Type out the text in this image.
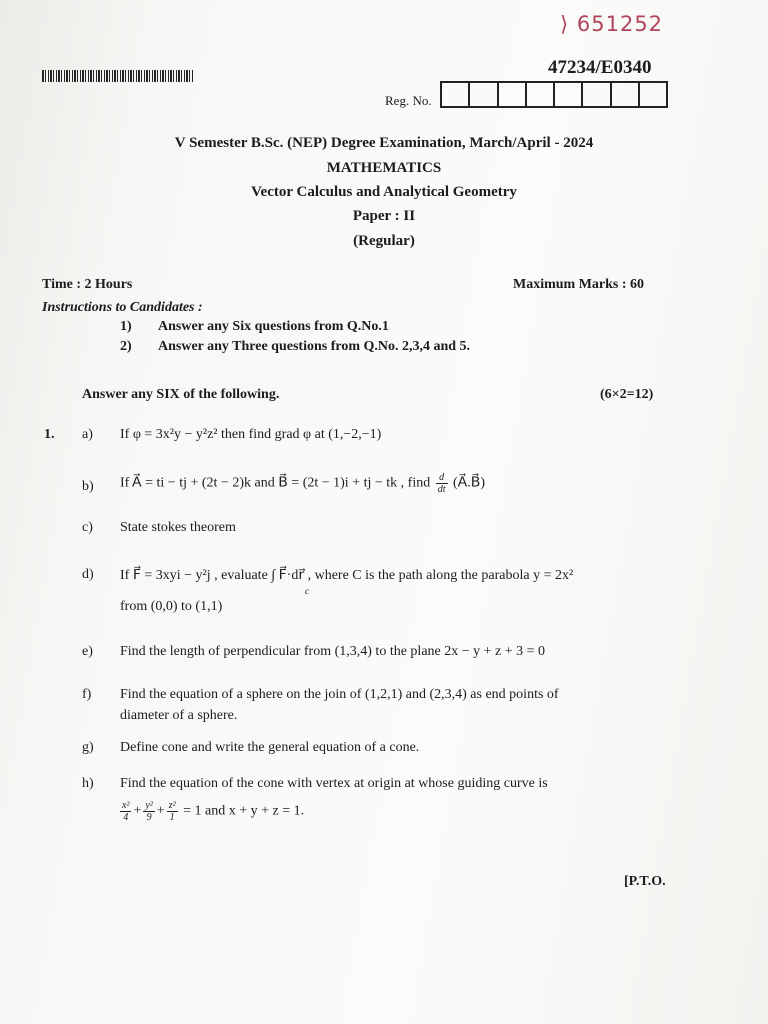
⟩ 651252
47234/E0340
Reg. No.
V Semester B.Sc. (NEP) Degree Examination, March/April - 2024
MATHEMATICS
Vector Calculus and Analytical Geometry
Paper : II
(Regular)
Time : 2 Hours	Maximum Marks : 60
Instructions to Candidates :
1) Answer any Six questions from Q.No.1
2) Answer any Three questions from Q.No. 2,3,4 and 5.
Answer any SIX of the following.	(6×2=12)
1. a) If φ = 3x²y − y²z² then find grad φ at (1,−2,−1)
b) If A⃗ = ti − tj + (2t − 2)k and B⃗ = (2t − 1)i + tj − tk , find $\frac{d}{dt}$ (A⃗.B⃗)
c) State stokes theorem
d) If F⃗ = 3xyi − y²j , evaluate ∫ F⃗·dr⃗ , where C is the path along the parabola y = 2x²
c
from (0,0) to (1,1)
e) Find the length of perpendicular from (1,3,4) to the plane 2x − y + z + 3 = 0
f) Find the equation of a sphere on the join of (1,2,1) and (2,3,4) as end points of
diameter of a sphere.
g) Define cone and write the general equation of a cone.
h) Find the equation of the cone with vertex at origin at whose guiding curve is
$\frac{\text{x²}}{4} + \frac{\text{y²}}{9} + \frac{\text{z²}}{1} = 1$ and x + y + z = 1.
[P.T.O.
